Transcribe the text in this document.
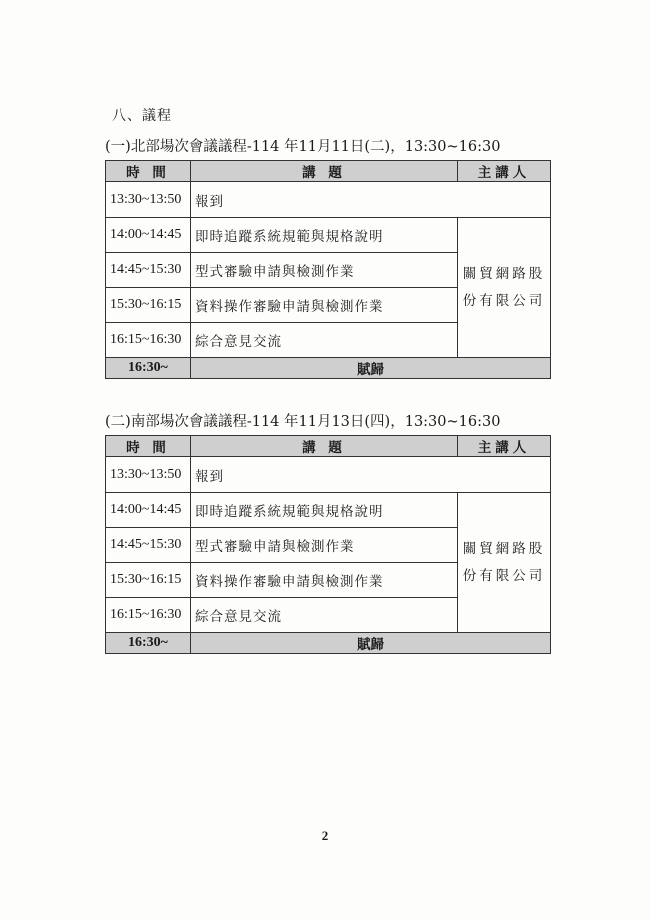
八、議程
(一)北部場次會議議程-114 年11月11日(二)，13:30~16:30
時 間	講 題	主講人
13:30~13:50	報到	
14:00~14:45	即時追蹤系統規範與規格說明	關貿網路股
份有限公司

14:45~15:30	型式審驗申請與檢測作業	
15:30~16:15	資料操作審驗申請與檢測作業	
16:15~16:30	綜合意見交流	
16:30~	賦歸	
(二)南部場次會議議程-114 年11月13日(四)，13:30~16:30
時 間	講 題	主講人
13:30~13:50	報到	
14:00~14:45	即時追蹤系統規範與規格說明	關貿網路股
份有限公司

14:45~15:30	型式審驗申請與檢測作業	
15:30~16:15	資料操作審驗申請與檢測作業	
16:15~16:30	綜合意見交流	
16:30~	賦歸	
2
